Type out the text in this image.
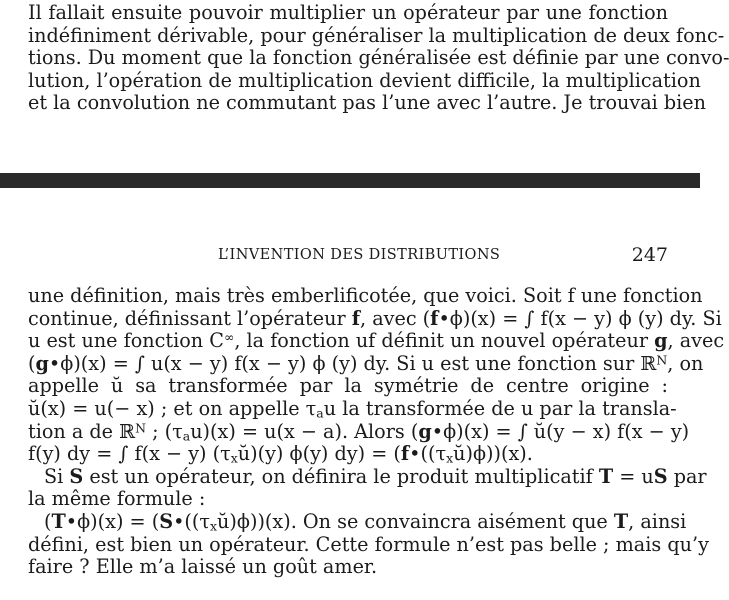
Il fallait ensuite pouvoir multiplier un opérateur par une fonction
indéfiniment dérivable, pour généraliser la multiplication de deux fonc-
tions. Du moment que la fonction généralisée est définie par une convo-
lution, l’opération de multiplication devient difficile, la multiplication
et la convolution ne commutant pas l’une avec l’autre. Je trouvai bien
L’INVENTION DES DISTRIBUTIONS	247
une définition, mais très emberlificotée, que voici. Soit f une fonction
continue, définissant l’opérateur f, avec (f•ϕ)(x) = ∫ f(x − y) ϕ (y) dy. Si
u est une fonction C∞, la fonction uf définit un nouvel opérateur g, avec
(g•ϕ)(x) = ∫ u(x − y) f(x − y) ϕ (y) dy. Si u est une fonction sur ℝ$^N$, on
appelle ŭ sa transformée par la symétrie de centre origine :
ŭ(x) = u(− x) ; et on appelle $\tau_au$ la transformée de u par la transla-
tion a de ℝ$^N$ ; $(\tau_au)(x) = u(x - a)$. Alors (g•ϕ)(x) = ∫ ŭ(y − x) f(x − y)
f(y) dy = ∫ f(x − y) $(\tau_xŭ)(y)$ ϕ(y) $dy) = (f•((\tau_xŭ)\phi))(x)$.
Si S est un opérateur, on définira le produit multiplicatif T = uS par
la même formule :
(T•ϕ)(x) = $(S•((\tau_xŭ)\phi))(x)$. On se convaincra aisément que T, ainsi
défini, est bien un opérateur. Cette formule n’est pas belle ; mais qu’y
faire ? Elle m’a laissé un goût amer.
